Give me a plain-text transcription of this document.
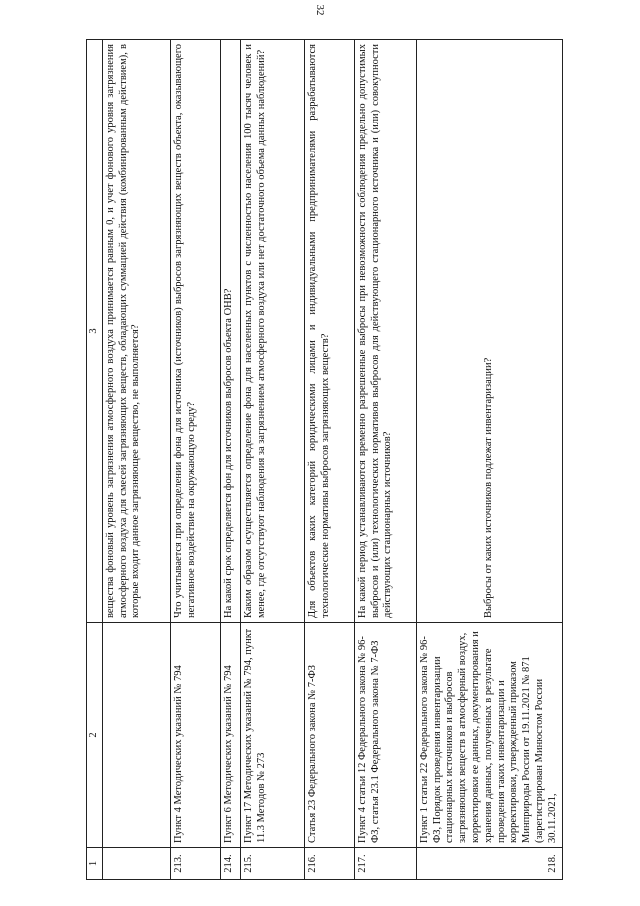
32
1	2	3
		вещества фоновый уровень загрязнения атмосферного воздуха принимается равным 0, и учет фонового уровня загрязнения атмосферного воздуха для смесей загрязняющих веществ, обладающих суммацией действия (комбинированным действием), в которые входит данное загрязняющее вещество, не выполняется?
213.	Пункт 4 Методических указаний № 794	Что учитывается при определении фона для источника (источников) выбросов загрязняющих веществ объекта, оказывающего негативное воздействие на окружающую среду?
214.	Пункт 6 Методических указаний № 794	На какой срок определяется фон для источников выбросов объекта ОНВ?
215.	Пункт 17 Методических указаний № 794, пункт 11.3 Методов № 273	Каким образом осуществляется определение фона для населенных пунктов с численностью населения 100 тысяч человек и менее, где отсутствуют наблюдения за загрязнением атмосферного воздуха или нет достаточного объема данных наблюдений?
216.	Статья 23 Федерального закона № 7-ФЗ	Для объектов каких категорий юридическими лицами и индивидуальными предпринимателями разрабатываются технологические нормативы выбросов загрязняющих веществ?
217.	Пункт 4 статьи 12 Федерального закона № 96-ФЗ, статья 23.1 Федерального закона № 7-ФЗ	На какой период устанавливаются временно разрешенные выбросы при невозможности соблюдения предельно допустимых выбросов и (или) технологических нормативов выбросов для действующего стационарного источника и (или) совокупности действующих стационарных источников?
218.	Пункт 1 статьи 22 Федерального закона № 96-ФЗ, Порядок проведения инвентаризации стационарных источников и выбросов загрязняющих веществ в атмосферный воздух, корректировки ее данных, документирования и хранения данных, полученных в результате проведения таких инвентаризации и корректировки, утвержденный приказом Минприроды России от 19.11.2021 № 871 (зарегистрирован Минюстом России 30.11.2021,	Выбросы от каких источников подлежат инвентаризации?
